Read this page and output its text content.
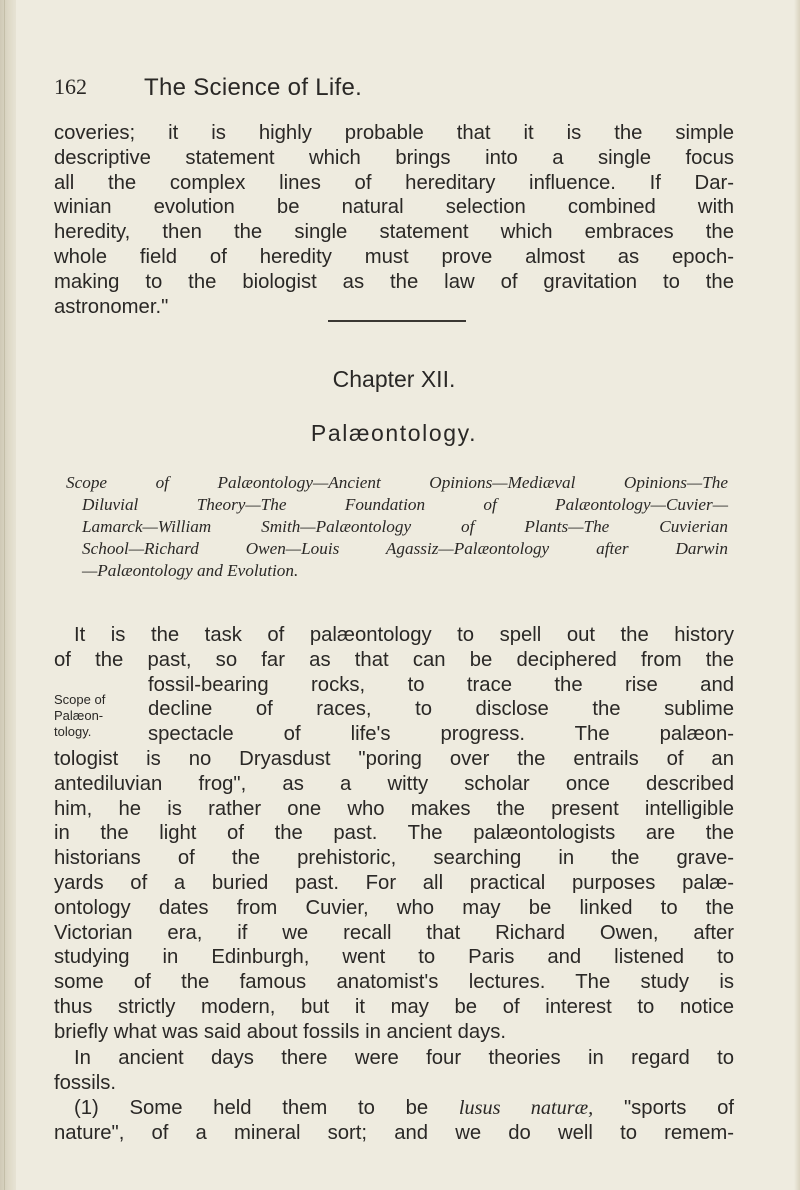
162 The Science of Life.
coveries; it is highly probable that it is the simple
descriptive statement which brings into a single focus
all the complex lines of hereditary influence. If Dar-
winian evolution be natural selection combined with
heredity, then the single statement which embraces the
whole field of heredity must prove almost as epoch-
making to the biologist as the law of gravitation to the
astronomer."
Chapter XII.
Palæontology.
Scope of Palæontology—Ancient Opinions—Mediæval Opinions—The
Diluvial Theory—The Foundation of Palæontology—Cuvier—
Lamarck—William Smith—Palæontology of Plants—The Cuvierian
School—Richard Owen—Louis Agassiz—Palæontology after Darwin
—Palæontology and Evolution.
Scope of
Palæon-
tology.
It is the task of palæontology to spell out the history
of the past, so far as that can be deciphered from the
fossil-bearing rocks, to trace the rise and
decline of races, to disclose the sublime
spectacle of life's progress. The palæon-
tologist is no Dryasdust "poring over the entrails of an
antediluvian frog", as a witty scholar once described
him, he is rather one who makes the present intelligible
in the light of the past. The palæontologists are the
historians of the prehistoric, searching in the grave-
yards of a buried past. For all practical purposes palæ-
ontology dates from Cuvier, who may be linked to the
Victorian era, if we recall that Richard Owen, after
studying in Edinburgh, went to Paris and listened to
some of the famous anatomist's lectures. The study is
thus strictly modern, but it may be of interest to notice
briefly what was said about fossils in ancient days.
In ancient days there were four theories in regard to
fossils.
(1) Some held them to be lusus naturæ, "sports of
nature", of a mineral sort; and we do well to remem-
